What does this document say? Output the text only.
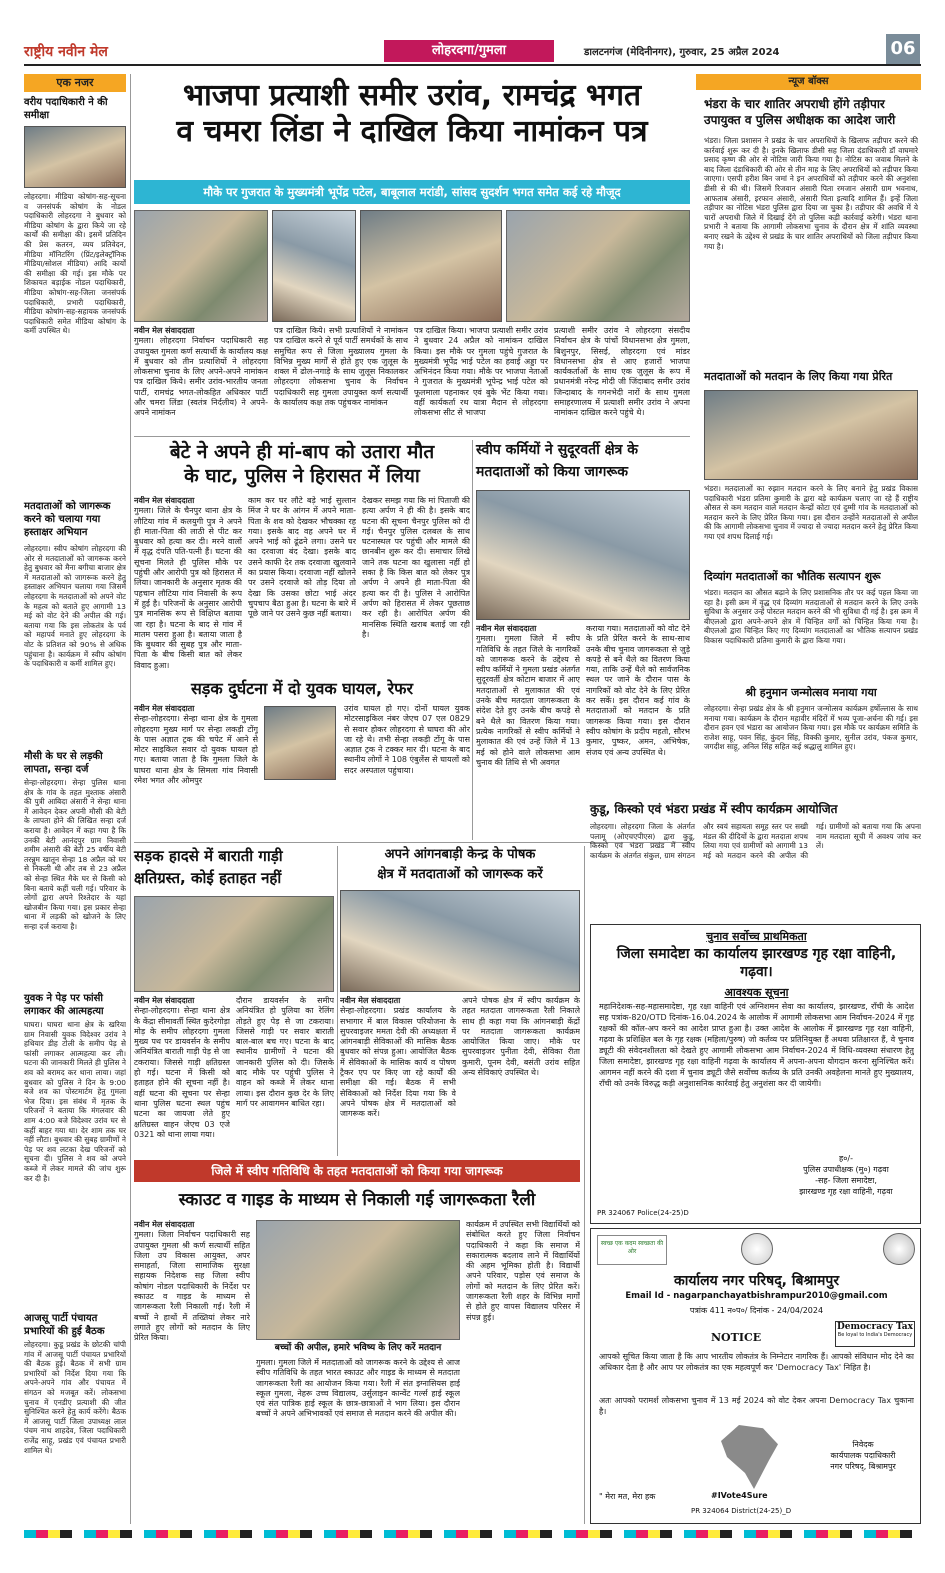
राष्ट्रीय नवीन मेल	लोहरदगा/गुमला	डालटनगंज (मेदिनीनगर), गुरुवार, 25 अप्रैल 2024	06
एक नजर
वरीय पदाधिकारी ने की समीक्षा
लोहरदगा। मीडिया कोषांग-सह-सूचना व जनसंपर्क कोषांग के नोडल पदाधिकारी लोहरदगा ने बुधवार को मीडिया कोषांग के द्वारा किये जा रहे कार्यों की समीक्षा की। इसमें प्रतिदिन की प्रेस कतरन, व्यय प्रतिवेदन, मीडिया मॉनिटरिंग (प्रिंट/इलेक्ट्रॉनिक मीडिया/सोशल मीडिया) आदि कार्यों की समीक्षा की गई। इस मौके पर शिकायत बड़ाईक नोडल पदाधिकारी, मीडिया कोषांग-सह-जिला जनसंपर्क पदाधिकारी, प्रभारी पदाधिकारी, मीडिया कोषांग-सह-सहायक जनसंपर्क पदाधिकारी समेत मीडिया कोषांग के कर्मी उपस्थित थे।
मतदाताओं को जागरूक करने को चलाया गया हस्ताक्षर अभियान
लोहरदगा। स्वीप कोषांग लोहरदगा की ओर से मतदाताओं को जागरूक करने हेतु बुधवार को मैना बगीचा बाजार क्षेत्र में मतदाताओं को जागरूक करने हेतु हस्ताक्षर अभियान चलाया गया जिसमें लोहरदगा के मतदाताओं को अपने वोट के महत्व को बताते हुए आगामी 13 मई को वोट देने की अपील की गई। बताया गया कि इस लोकतंत्र के पर्व को महापर्व मनाते हुए लोहरदगा के वोट के प्रतिशत को 90% से अधिक पहुंचाना है। कार्यक्रम में स्वीप कोषांग के पदाधिकारी व कर्मी शामिल हुए।
मौसी के घर से लड़की लापता, सन्हा दर्ज
सेन्हा-लोहरदगा। सेन्हा पुलिस थाना क्षेत्र के गांव के तहत मुश्ताक अंसारी की पुत्री आबिदा अंसारी ने सेन्हा थाना में आवेदन देकर अपनी मौसी की बेटी के लापता होने की लिखित सन्हा दर्ज कराया है। आवेदन में कहा गया है कि उनकी बेटी आनंदपुर ग्राम निवासी शमीम अंसारी की बेटी 25 वर्षीय बेटी तरन्नुम खातून सेन्हा 18 अप्रैल को घर से निकली थी और तब से 23 अप्रैल को सेन्हा स्थित मैके घर से किसी को बिना बताये कहीं चली गई। परिवार के लोगों द्वारा अपने रिश्तेदार के यहां खोजबीन किया गया। इस प्रकार सेन्हा थाना में लड़की को खोजने के लिए सन्हा दर्ज कराया है।
युवक ने पेड़ पर फांसी लगाकर की आत्महत्या
घाघरा। घाघरा थाना क्षेत्र के खरिया ग्राम निवासी युवक विदेश्वर उरांव ने हथियार डीह टोली के समीप पेड़ से फांसी लगाकर आत्महत्या कर ली। घटना की जानकारी मिलते ही पुलिस ने शव को बरामद कर थाना लाया। जहां बुधवार को पुलिस ने दिन के 9:00 बजे शव का पोस्टमार्टम हेतु गुमला भेज दिया। इस संबंध में मृतक के परिजनों ने बताया कि मंगलवार की शाम 4:00 बजे विदेश्वर उरांव घर से कहीं बाहर गया था। देर शाम तक घर नहीं लौटा। बुधवार की सुबह ग्रामीणों ने पेड़ पर शव लटका देख परिजनों को सूचना दी। पुलिस ने शव को अपने कब्जे में लेकर मामले की जांच शुरू कर दी है।
आजसू पार्टी पंचायत प्रभारियों की हुई बैठक
लोहरदगा। कुडू प्रखंड के छोटकी चांपी गांव में आजसू पार्टी पंचायत प्रभारियों की बैठक हुई। बैठक में सभी ग्राम प्रभारियों को निर्देश दिया गया कि अपने-अपने गांव और पंचायत में संगठन को मजबूत करें। लोकसभा चुनाव में एनडीए प्रत्याशी की जीत सुनिश्चित करने हेतु कार्य करेंगे। बैठक में आजसू पार्टी जिला उपाध्यक्ष लाल पंचम नाथ शाहदेव, जिला पदाधिकारी राजेंद्र साहू, प्रखंड एवं पंचायत प्रभारी शामिल थे।
भाजपा प्रत्याशी समीर उरांव, रामचंद्र भगत
व चमरा लिंडा ने दाखिल किया नामांकन पत्र
मौके पर गुजरात के मुख्यमंत्री भूपेंद्र पटेल, बाबूलाल मरांडी, सांसद सुदर्शन भगत समेत कई रहे मौजूद
नवीन मेल संवाददाता
गुमला। लोहरदगा निर्वाचन पदाधिकारी सह उपायुक्त गुमला कर्ण सत्यार्थी के कार्यालय कक्ष में बुधवार को तीन प्रत्याशियों ने लोहरदगा लोकसभा चुनाव के लिए अपने-अपने नामांकन पत्र दाखिल किये। समीर उरांव-भारतीय जनता पार्टी, रामचंद्र भगत-लोकहित अधिकार पार्टी और चमरा लिंडा (स्वतंत्र निर्दलीय) ने अपने-अपने नामांकन
पत्र दाखिल किये। सभी प्रत्याशियों ने नामांकन पत्र दाखिल करने से पूर्व पार्टी समर्थकों के साथ समुचित रूप से जिला मुख्यालय गुमला के विभिन्न मुख्य मार्गों से होते हुए एक जुलूस के शक्ल में ढोल-नगाड़े के साथ जुलूस निकालकर लोहरदगा लोकसभा चुनाव के निर्वाचन पदाधिकारी सह गुमला उपायुक्त कर्ण सत्यार्थी के कार्यालय कक्ष तक पहुंचकर नामांकन
पत्र दाखिल किया। भाजपा प्रत्याशी समीर उरांव ने बुधवार 24 अप्रैल को नामांकन दाखिल किया। इस मौके पर गुमला पहुंचे गुजरात के मुख्यमंत्री भूपेंद्र भाई पटेल का हवाई अड्डा पर अभिनंदन किया गया। मौके पर भाजपा नेताओं ने गुजरात के मुख्यमंत्री भूपेन्द्र भाई पटेल को फूलमाला पहनाकर एवं बुके भेंट किया गया। वहीं कार्यकर्ता रथ यात्रा मैदान से लोहरदगा लोकसभा सीट से भाजपा
प्रत्याशी समीर उरांव ने लोहरदगा संसदीय निर्वाचन क्षेत्र के पांचों विधानसभा क्षेत्र गुमला, बिशुनपुर, सिसई, लोहरदगा एवं मांडर विधानसभा क्षेत्र से आए हजारों भाजपा कार्यकर्ताओं के साथ एक जुलूस के रूप में प्रधानमंत्री नरेन्द्र मोदी जी जिंदाबाद समीर उरांव जिन्दाबाद के गगनभेदी नारों के साथ गुमला समाहरणालय में प्रत्याशी समीर उरांव ने अपना नामांकन दाखिल करने पहुंचे थे।
बेटे ने अपने ही मां-बाप को उतारा मौत
के घाट, पुलिस ने हिरासत में लिया
नवीन मेल संवाददाता
गुमला। जिले के चैनपुर थाना क्षेत्र के लौटिया गांव में कलयुगी पुत्र ने अपने ही माता-पिता की लाठी से पीट कर बुधवार को हत्या कर दी। मरने वालों में वृद्ध दंपति पति-पत्नी हैं। घटना की सूचना मिलते ही पुलिस मौके पर पहुंची और आरोपी पुत्र को हिरासत में लिया। जानकारी के अनुसार मृतक की पहचान लौटिया गांव निवासी के रूप में हुई है। परिजनों के अनुसार आरोपी पुत्र मानसिक रूप से विक्षिप्त बताया जा रहा है। घटना के बाद से गांव में मातम पसरा हुआ है। बताया जाता है कि बुधवार की सुबह पुत्र और माता-पिता के बीच किसी बात को लेकर विवाद हुआ।
काम कर घर लौटे बड़े भाई सुल्तान मिंज ने घर के आंगन में अपने माता-पिता के शव को देखकर भौचक्का रह गया। इसके बाद वह अपने घर में अपने भाई को ढूंढने लगा। उसने घर का दरवाजा बंद देखा। इसके बाद उसने काफी देर तक दरवाजा खुलवाने का प्रयास किया। दरवाजा नहीं खोलने पर उसने दरवाजे को तोड़ दिया तो देखा कि उसका छोटा भाई अंदर चुपचाप बैठा हुआ है। घटना के बारे में पूछे जाने पर उसने कुछ नहीं बताया।
देखकर समझ गया कि मां पिताजी की हत्या अर्पण ने ही की है। इसके बाद घटना की सूचना चैनपुर पुलिस को दी गई। चैनपुर पुलिस दलबल के साथ घटनास्थल पर पहुंची और मामले की छानबीन शुरू कर दी। समाचार लिखे जाने तक घटना का खुलासा नहीं हो सका है कि किस बात को लेकर पुत्र अर्पण ने अपने ही माता-पिता की हत्या कर दी है। पुलिस ने आरोपित अर्पण को हिरासत में लेकर पूछताछ कर रही है। आरोपित अर्पण की मानसिक स्थिति खराब बताई जा रही है।
स्वीप कर्मियों ने सुदूरवर्ती क्षेत्र के
मतदाताओं को किया जागरूक
नवीन मेल संवाददाता
गुमला। गुमला जिले में स्वीप गतिविधि के तहत जिले के नागरिकों को जागरूक करने के उद्देश्य से स्वीप कर्मियों ने गुमला प्रखंड अंतर्गत सुदूरवर्ती क्षेत्र कोटाम बाजार में आए मतदाताओं से मुलाकात की एवं उनके बीच मतदाता जागरूकता के संदेश देते हुए उनके बीच कपड़े से बने थैले का वितरण किया गया। प्रत्येक नागरिकों से स्वीप कर्मियों ने मुलाकात की एवं उन्हें जिले में 13 मई को होने वाले लोकसभा आम चुनाव की तिथि से भी अवगत
कराया गया। मतदाताओं को वोट देने के प्रति प्रेरित करने के साथ-साथ उनके बीच चुनाव जागरूकता से जुड़े कपड़े से बने थैले का वितरण किया गया, ताकि उन्हें थैले को सार्वजनिक स्थल पर जाने के दौरान पास के नागरिकों को वोट देने के लिए प्रेरित कर सकें। इस दौरान कई गांव के मतदाताओं को मतदान के प्रति जागरूक किया गया। इस दौरान स्वीप कोषांग के प्रदीप महतो, सौरभ कुमार, पुष्कर, अमन, अभिषेक, संजय एवं अन्य उपस्थित थे।
सड़क दुर्घटना में दो युवक घायल, रेफर
नवीन मेल संवाददाता
सेन्हा-लोहरदगा। सेन्हा थाना क्षेत्र के गुमला लोहरदगा मुख्य मार्ग पर सेन्हा लकड़ी टोंगू के पास अज्ञात ट्रक की चपेट में आने से मोटर साइकिल सवार दो युवक घायल हो गए। बताया जाता है कि गुमला जिले के घाघरा थाना क्षेत्र के सिमला गांव निवासी रमेश भगत और ओमपुर
उरांव घायल हो गए। दोनों घायल युवक मोटरसाइकिल नंबर जेएच 07 एल 0829 से सवार होकर लोहरदगा से घाघरा की ओर जा रहे थे। तभी सेन्हा लकड़ी टोंगू के पास अज्ञात ट्रक ने टक्कर मार दी। घटना के बाद स्थानीय लोगों ने 108 एंबुलेंस से घायलों को सदर अस्पताल पहुंचाया।
सड़क हादसे में बाराती गाड़ी
क्षतिग्रस्त, कोई हताहत नहीं
नवीन मेल संवाददाता
सेन्हा-लोहरदगा। सेन्हा थाना क्षेत्र के केंद्रा सीमावर्ती स्थित कुदेरगोड़ा मोड़ के समीप लोहरदगा गुमला मुख्य पथ पर डायवर्सन के समीप अनियंत्रित बाराती गाड़ी पेड़ से जा टकराया। जिससे गाड़ी क्षतिग्रस्त हो गई। घटना में किसी को हताहत होने की सूचना नहीं है। वहीं घटना की सूचना पर सेन्हा थाना पुलिस घटना स्थल पहुंच घटना का जायजा लेते हुए क्षतिग्रस्त वाहन जेएच 03 एजे 0321 को थाना लाया गया।
दौरान डायवर्सन के समीप अनियंत्रित हो पुलिया का रेलिंग तोड़ते हुए पेड़ से जा टकराया। जिससे गाड़ी पर सवार बाराती बाल-बाल बच गए। घटना के बाद स्थानीय ग्रामीणों ने घटना की जानकारी पुलिस को दी। जिसके बाद मौके पर पहुंची पुलिस ने वाहन को कब्जे में लेकर थाना लाया। इस दौरान कुछ देर के लिए मार्ग पर आवागमन बाधित रहा।
अपने आंगनबाड़ी केन्द्र के पोषक
क्षेत्र में मतदाताओं को जागरूक करें
नवीन मेल संवाददाता
सेन्हा-लोहरदगा। प्रखंड कार्यालय के सभागार में बाल विकास परियोजना के सुपरवाइजर ममता देवी की अध्यक्षता में आंगनबाड़ी सेविकाओं की मासिक बैठक बुधवार को संपन्न हुआ। आयोजित बैठक में सेविकाओं के मासिक कार्य व पोषण ट्रैकर एप पर किए जा रहे कार्यों की समीक्षा की गई। बैठक में सभी सेविकाओं को निर्देश दिया गया कि वे अपने पोषक क्षेत्र में मतदाताओं को जागरूक करें।
अपने पोषक क्षेत्र में स्वीप कार्यक्रम के तहत मतदाता जागरूकता रैली निकाले साथ ही कहा गया कि आंगनबाड़ी केंद्रों पर मतदाता जागरूकता कार्यक्रम आयोजित किया जाए। मौके पर सुपरवाइजर पुनीता देवी, सेविका रीता कुमारी, पूनम देवी, बसंती उरांव सहित अन्य सेविकाएं उपस्थित थे।
जिले में स्वीप गतिविधि के तहत मतदाताओं को किया गया जागरूक
स्काउट व गाइड के माध्यम से निकाली गई जागरूकता रैली
नवीन मेल संवाददाता
गुमला। जिला निर्वाचन पदाधिकारी सह उपायुक्त गुमला श्री कर्ण सत्यार्थी सहित जिला उप विकास आयुक्त, अपर समाहर्ता, जिला सामाजिक सुरक्षा सहायक निदेशक सह जिला स्वीप कोषांग नोडल पदाधिकारी के निर्देश पर स्काउट व गाइड के माध्यम से जागरूकता रैली निकाली गई। रैली में बच्चों ने हाथों में तख्तियां लेकर नारे लगाते हुए लोगों को मतदान के लिए प्रेरित किया।
बच्चों की अपील, हमारे भविष्य के लिए करें मतदान
गुमला। गुमला जिले में मतदाताओं को जागरूक करने के उद्देश्य से आज स्वीप गतिविधि के तहत भारत स्काउट और गाइड के माध्यम से मतदाता जागरूकता रैली का आयोजन किया गया। रैली में संत इग्नासियस हाई स्कूल गुमला, नेहरू उच्च विद्यालय, उर्सुलाइन कान्वेंट गर्ल्स हाई स्कूल एवं संत पात्रिक हाई स्कूल के छात्र-छात्राओं ने भाग लिया। इस दौरान बच्चों ने अपने अभिभावकों एवं समाज से मतदान करने की अपील की।
कार्यक्रम में उपस्थित सभी विद्यार्थियों को संबोधित करते हुए जिला निर्वाचन पदाधिकारी ने कहा कि समाज में सकारात्मक बदलाव लाने में विद्यार्थियों की अहम भूमिका होती है। विद्यार्थी अपने परिवार, पड़ोस एवं समाज के लोगों को मतदान के लिए प्रेरित करें। जागरूकता रैली शहर के विभिन्न मार्गों से होते हुए वापस विद्यालय परिसर में संपन्न हुई।
न्यूज बॉक्स
भंडरा के चार शातिर अपराधी होंगे तड़ीपार उपायुक्त व पुलिस अधीक्षक का आदेश जारी
भंडरा। जिला प्रशासन ने प्रखंड के चार अपराधियों के खिलाफ तड़ीपार करने की कार्रवाई शुरू कर दी है। इनके खिलाफ डीसी सह जिला दंडाधिकारी डॉ वाघमारे प्रसाद कृष्ण की ओर से नोटिस जारी किया गया है। नोटिस का जवाब मिलने के बाद जिला दंडाधिकारी की ओर से तीन माह के लिए अपराधियों को तड़ीपार किया जाएगा। एसपी हरीश बिन जमां ने इन अपराधियों को तड़ीपार करने की अनुशंसा डीसी से की थी। जिसमें रिजवान अंसारी पिता रमजान अंसारी ग्राम भवनाथ, आफताब अंसारी, इरफान अंसारी, अंसारी पिता इत्यादि शामिल हैं। इन्हें जिला तड़ीपार का नोटिस भंडरा पुलिस द्वारा दिया जा चुका है। तड़ीपार की अवधि में ये चारों अपराधी जिले में दिखाई देंगे तो पुलिस कड़ी कार्रवाई करेगी। भंडरा थाना प्रभारी ने बताया कि आगामी लोकसभा चुनाव के दौरान क्षेत्र में शांति व्यवस्था बनाए रखने के उद्देश्य से प्रखंड के चार शातिर अपराधियों को जिला तड़ीपार किया गया है।
मतदाताओं को मतदान के लिए किया गया प्रेरित
भंडरा। मतदाताओं का रुझान मतदान करने के लिए बनाने हेतु प्रखंड विकास पदाधिकारी भंडरा प्रतिमा कुमारी के द्वारा बड़े कार्यक्रम चलाए जा रहे हैं राष्ट्रीय औसत से कम मतदान वाले मतदान केन्द्रों कोटा एवं दुम्मी गांव के मतदाताओं को मतदान करने के लिए प्रेरित किया गया। इस दौरान उन्होंने मतदाताओं से अपील की कि आगामी लोकसभा चुनाव में ज्यादा से ज्यादा मतदान करने हेतु प्रेरित किया गया एवं शपथ दिलाई गई।
दिव्यांग मतदाताओं का भौतिक सत्यापन शुरू
भंडरा। मतदान का औसत बढ़ाने के लिए प्रशासनिक तौर पर कई पहल किया जा रहा है। इसी क्रम में वृद्ध एवं दिव्यांग मतदाताओं से मतदान करने के लिए उनके सुविधा के अनुसार उन्हें पोस्टल मतदान करने की भी सुविधा दी गई है। इस क्रम में बीएलओ द्वारा अपने-अपने क्षेत्र में चिन्हित वर्गों को चिन्हित किया गया है। बीएलओ द्वारा चिन्हित किए गए दिव्यांग मतदाताओं का भौतिक सत्यापन प्रखंड विकास पदाधिकारी प्रतिमा कुमारी के द्वारा किया गया।
श्री हनुमान जन्मोत्सव मनाया गया
लोहरदगा। सेन्हा प्रखंड क्षेत्र के श्री हनुमान जन्मोत्सव कार्यक्रम हर्षोल्लास के साथ मनाया गया। कार्यक्रम के दौरान महावीर मंदिरों में भव्य पूजा-अर्चना की गई। इस दौरान हवन एवं भंडारा का आयोजन किया गया। इस मौके पर कार्यक्रम समिति के राजेश साहू, पवन सिंह, कुंदन सिंह, विक्की कुमार, सुनील उरांव, पंकज कुमार, जगदीश साहू, अनिल सिंह सहित कई श्रद्धालु शामिल हुए।
कुडू, किस्को एवं भंडरा प्रखंड में स्वीप कार्यक्रम आयोजित
लोहरदगा। लोहरदगा जिला के अंतर्गत पलामू (ओएचएपीएस) द्वारा कुडू, किस्को एवं भंडरा प्रखंड में स्वीप कार्यक्रम के अंतर्गत संकुल, ग्राम संगठन और स्वयं सहायता समूह स्तर पर सखी मंडल की दीदियों के द्वारा मतदाता शपथ लिया गया एवं ग्रामीणों को आगामी 13 मई को मतदान करने की अपील की गई। ग्रामीणों को बताया गया कि अपना नाम मतदाता सूची में अवश्य जांच कर लें।
चुनाव सर्वोच्च प्राथमिकता
जिला समादेष्टा का कार्यालय झारखण्ड गृह रक्षा वाहिनी, गढ़वा।
आवश्यक सूचना
महानिदेशक-सह-महासमादेष्टा, गृह रक्षा वाहिनी एवं अग्निशमन सेवा का कार्यालय, झारखण्ड, राँची के आदेश सह पत्रांक-820/OTD दिनांक-16.04.2024 के आलोक में आगामी लोकसभा आम निर्वाचन-2024 में गृह रक्षकों की कॉल-अप करने का आदेश प्राप्त हुआ है। उक्त आदेश के आलोक में झारखण्ड गृह रक्षा वाहिनी, गढ़वा के प्रशिक्षित बल के गृह रक्षक (महिला/पुरुष) जो कर्तव्य पर प्रतिनियुक्त हैं अथवा प्रतिक्षारत हैं, वे चुनाव ड्यूटी की संवेदनशीलता को देखते हुए आगामी लोकसभा आम निर्वाचन-2024 में विधि-व्यवस्था संधारण हेतु जिला समादेष्टा, झारखण्ड गृह रक्षा वाहिनी गढ़वा के कार्यालय में अपना-अपना योगदान करना सुनिश्चित करें। आगमन नहीं करने की दशा में चुनाव ड्यूटी जैसे सर्वोच्च कर्तव्य के प्रति उनकी अवहेलना मानते हुए मुख्यालय, राँची को उनके विरुद्ध कड़ी अनुशासनिक कार्रवाई हेतु अनुशंसा कर दी जायेगी।
ह०/-
पुलिस उपाधीक्षक (मु०) गढ़वा
-सह- जिला समादेष्टा,
झारखण्ड गृह रक्षा वाहिनी, गढ़वा
PR 324067 Police(24-25)D
स्वच्छ एक कदम स्वच्छता की ओर
कार्यालय नगर परिषद्, बिश्रामपुर
Email Id - nagarpanchayatbishrampur2010@gmail.com
पत्रांक 411 न०प०/ दिनांक - 24/04/2024
NOTICE
Democracy Tax
Be loyal to India's Democracy
आपको सूचित किया जाता है कि आप भारतीय लोकतंत्र के निम्नेटार नागरिक हैं। आपको संविधान मोद देने का अधिकार देता है और आप पर लोकतंत्र का एक महत्वपूर्ण कर 'Democracy Tax' निहित है।
अतः आपको परामर्श लोकसभा चुनाव में 13 मई 2024 को वोट देकर अपना Democracy Tax चुकाना है।
निवेदक
कार्यपालक पदाधिकारी
नगर परिषद्, बिश्रामपुर
" मेरा मत, मेरा हक	#IVote4Sure
PR 324064 District(24-25)_D
